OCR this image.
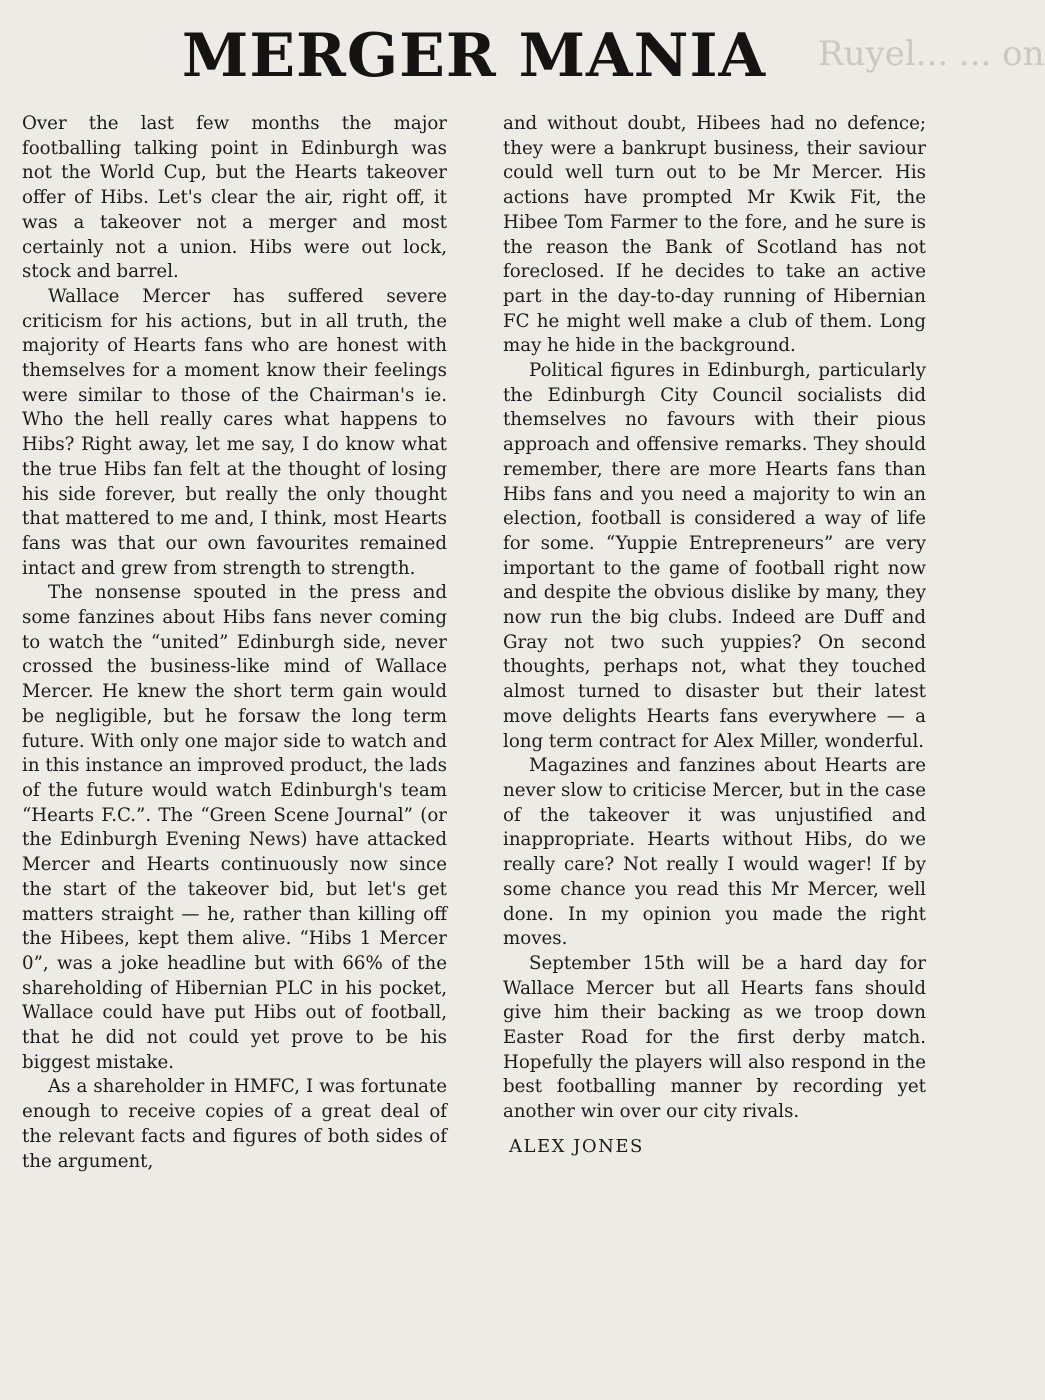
Ruyel... ... on
MERGER MANIA

Over the last few months the major footballing talking point in Edinburgh was not the World Cup, but the Hearts takeover offer of Hibs. Let's clear the air, right off, it was a takeover not a merger and most certainly not a union. Hibs were out lock, stock and barrel.

Wallace Mercer has suffered severe criticism for his actions, but in all truth, the majority of Hearts fans who are honest with themselves for a moment know their feelings were similar to those of the Chairman's ie. Who the hell really cares what happens to Hibs? Right away, let me say, I do know what the true Hibs fan felt at the thought of losing his side forever, but really the only thought that mattered to me and, I think, most Hearts fans was that our own favourites remained intact and grew from strength to strength.

The nonsense spouted in the press and some fanzines about Hibs fans never coming to watch the “united” Edinburgh side, never crossed the business-like mind of Wallace Mercer. He knew the short term gain would be negligible, but he forsaw the long term future. With only one major side to watch and in this instance an improved product, the lads of the future would watch Edinburgh's team “Hearts F.C.”. The “Green Scene Journal” (or the Edinburgh Evening News) have attacked Mercer and Hearts continuously now since the start of the takeover bid, but let's get matters straight — he, rather than killing off the Hibees, kept them alive. “Hibs 1 Mercer 0”, was a joke headline but with 66% of the shareholding of Hibernian PLC in his pocket, Wallace could have put Hibs out of football, that he did not could yet prove to be his biggest mistake.

As a shareholder in HMFC, I was fortunate enough to receive copies of a great deal of the relevant facts and figures of both sides of the argument,

and without doubt, Hibees had no defence; they were a bankrupt business, their saviour could well turn out to be Mr Mercer. His actions have prompted Mr Kwik Fit, the Hibee Tom Farmer to the fore, and he sure is the reason the Bank of Scotland has not foreclosed. If he decides to take an active part in the day-to-day running of Hibernian FC he might well make a club of them. Long may he hide in the background.

Political figures in Edinburgh, particularly the Edinburgh City Council socialists did themselves no favours with their pious approach and offensive remarks. They should remember, there are more Hearts fans than Hibs fans and you need a majority to win an election, football is considered a way of life for some. “Yuppie Entrepreneurs” are very important to the game of football right now and despite the obvious dislike by many, they now run the big clubs. Indeed are Duff and Gray not two such yuppies? On second thoughts, perhaps not, what they touched almost turned to disaster but their latest move delights Hearts fans everywhere — a long term contract for Alex Miller, wonderful.

Magazines and fanzines about Hearts are never slow to criticise Mercer, but in the case of the takeover it was unjustified and inappropriate. Hearts without Hibs, do we really care? Not really I would wager! If by some chance you read this Mr Mercer, well done. In my opinion you made the right moves.

September 15th will be a hard day for Wallace Mercer but all Hearts fans should give him their backing as we troop down Easter Road for the first derby match. Hopefully the players will also respond in the best footballing manner by recording yet another win over our city rivals.

ALEX JONES
